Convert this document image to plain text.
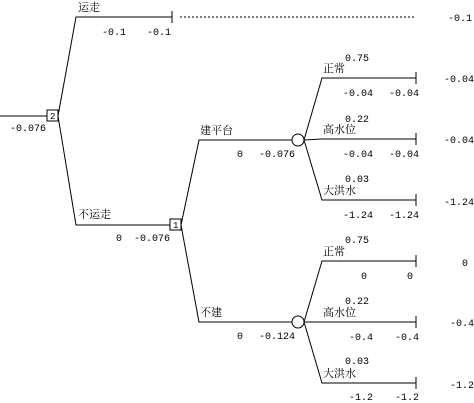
2
-0.076
运走
-0.1 -0.1
-0.1
不运走
0 -0.076
1
建平台
0 -0.076
0.75
正常
-0.04 -0.04
-0.04
0.22
高水位
-0.04 -0.04
-0.04
0.03
大洪水
-1.24 -1.24
-1.24
不建
0 -0.124
0.75
正常
0	0
0
0.22
高水位
-0.4 -0.4
-0.4
0.03
大洪水
-1.2 -1.2
-1.2
